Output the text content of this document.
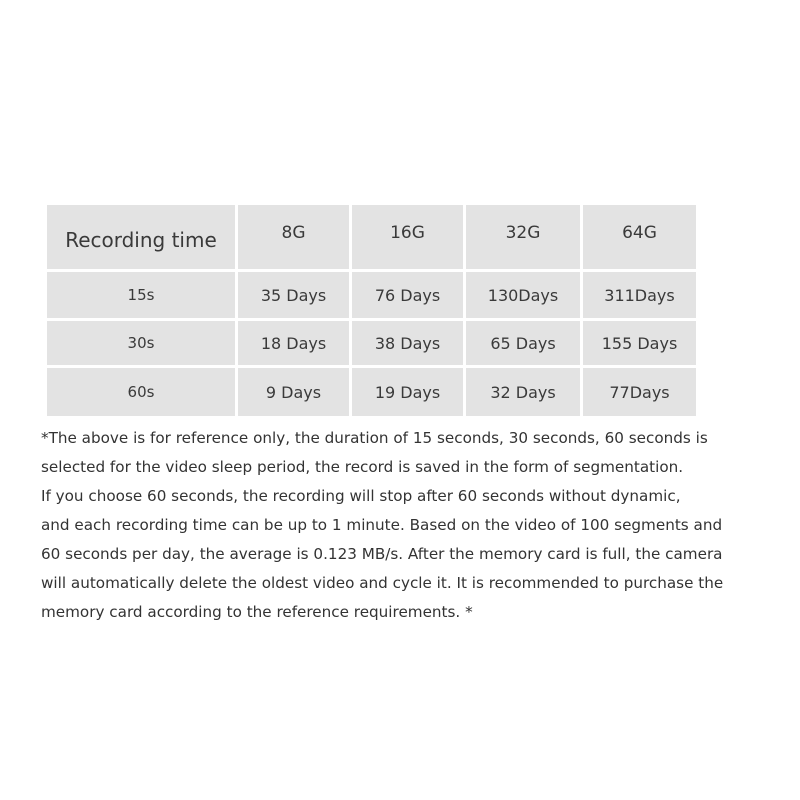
Recording time	8G	16G	32G	64G
15s	35 Days	76 Days	130Days	311Days
30s	18 Days	38 Days	65 Days	155 Days
60s	9 Days	19 Days	32 Days	77Days
*The above is for reference only, the duration of 15 seconds, 30 seconds, 60 seconds is
selected for the video sleep period, the record is saved in the form of segmentation.
If you choose 60 seconds, the recording will stop after 60 seconds without dynamic,
and each recording time can be up to 1 minute. Based on the video of 100 segments and
60 seconds per day, the average is 0.123 MB/s. After the memory card is full, the camera
will automatically delete the oldest video and cycle it. It is recommended to purchase the
memory card according to the reference requirements. *
